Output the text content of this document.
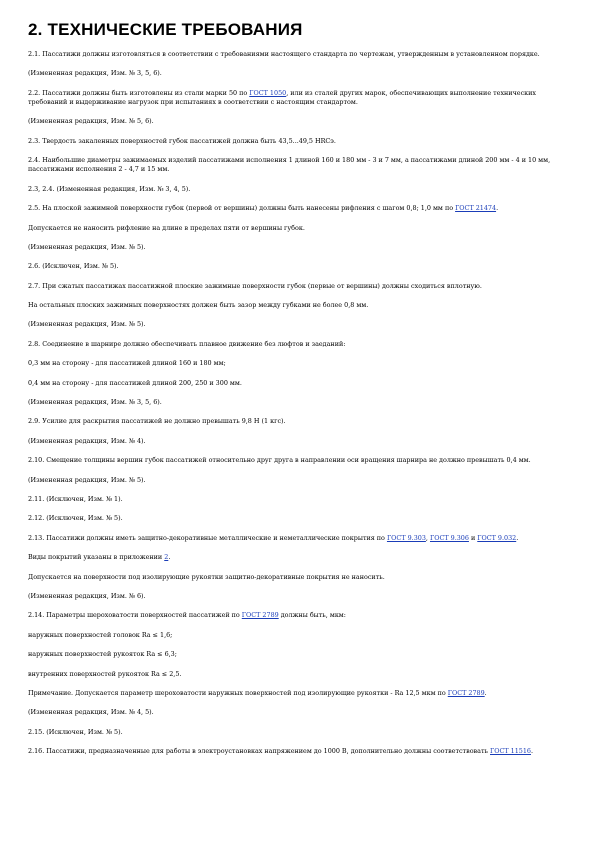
2. ТЕХНИЧЕСКИЕ ТРЕБОВАНИЯ

2.1. Пассатижи должны изготовляться в соответствии с требованиями настоящего стандарта по чертежам, утвержденным в установленном порядке.

(Измененная редакция, Изм. № 3, 5, 6).

2.2. Пассатижи должны быть изготовлены из стали марки 50 по ГОСТ 1050, или из сталей других марок, обеспечивающих выполнение технических требований и выдерживание нагрузок при испытаниях в соответствии с настоящим стандартом.

(Измененная редакция, Изм. № 5, 6).

2.3. Твердость закаленных поверхностей губок пассатижей должна быть 43,5...49,5 HRCэ.

2.4. Наибольшие диаметры зажимаемых изделий пассатижами исполнения 1 длиной 160 и 180 мм - 3 и 7 мм, а пассатижами длиной 200 мм - 4 и 10 мм, пассатижами исполнения 2 - 4,7 и 15 мм.

2.3, 2.4. (Измененная редакция, Изм. № 3, 4, 5).

2.5. На плоской зажимной поверхности губок (первой от вершины) должны быть нанесены рифления с шагом 0,8; 1,0 мм по ГОСТ 21474.

Допускается не наносить рифление на длине в пределах пяти от вершины губок.

(Измененная редакция, Изм. № 5).

2.6. (Исключен, Изм. № 5).

2.7. При сжатых пассатижах пассатижной плоские зажимные поверхности губок (первые от вершины) должны сходиться вплотную.

На остальных плоских зажимных поверхностях должен быть зазор между губками не более 0,8 мм.

(Измененная редакция, Изм. № 5).

2.8. Соединение в шарнире должно обеспечивать плавное движение без люфтов и заеданий:

0,3 мм на сторону - для пассатижей длиной 160 и 180 мм;

0,4 мм на сторону - для пассатижей длиной 200, 250 и 300 мм.

(Измененная редакция, Изм. № 3, 5, 6).

2.9. Усилие для раскрытия пассатижей не должно превышать 9,8 Н (1 кгс).

(Измененная редакция, Изм. № 4).

2.10. Смещение толщины вершин губок пассатижей относительно друг друга в направлении оси вращения шарнира не должно превышать 0,4 мм.

(Измененная редакция, Изм. № 5).

2.11. (Исключен, Изм. № 1).

2.12. (Исключен, Изм. № 5).

2.13. Пассатижи должны иметь защитно-декоративные металлические и неметаллические покрытия по ГОСТ 9.303, ГОСТ 9.306 и ГОСТ 9.032.

Виды покрытий указаны в приложении 2.

Допускается на поверхности под изолирующие рукоятки защитно-декоративные покрытия не наносить.

(Измененная редакция, Изм. № 6).

2.14. Параметры шероховатости поверхностей пассатижей по ГОСТ 2789 должны быть, мкм:

наружных поверхностей головок Ra ≤ 1,6;

наружных поверхностей рукояток Ra ≤ 6,3;

внутренних поверхностей рукояток Ra ≤ 2,5.

Примечание. Допускается параметр шероховатости наружных поверхностей под изолирующие рукоятки - Ra 12,5 мкм по ГОСТ 2789.

(Измененная редакция, Изм. № 4, 5).

2.15. (Исключен, Изм. № 5).

2.16. Пассатижи, предназначенные для работы в электроустановках напряжением до 1000 В, дополнительно должны соответствовать ГОСТ 11516.
